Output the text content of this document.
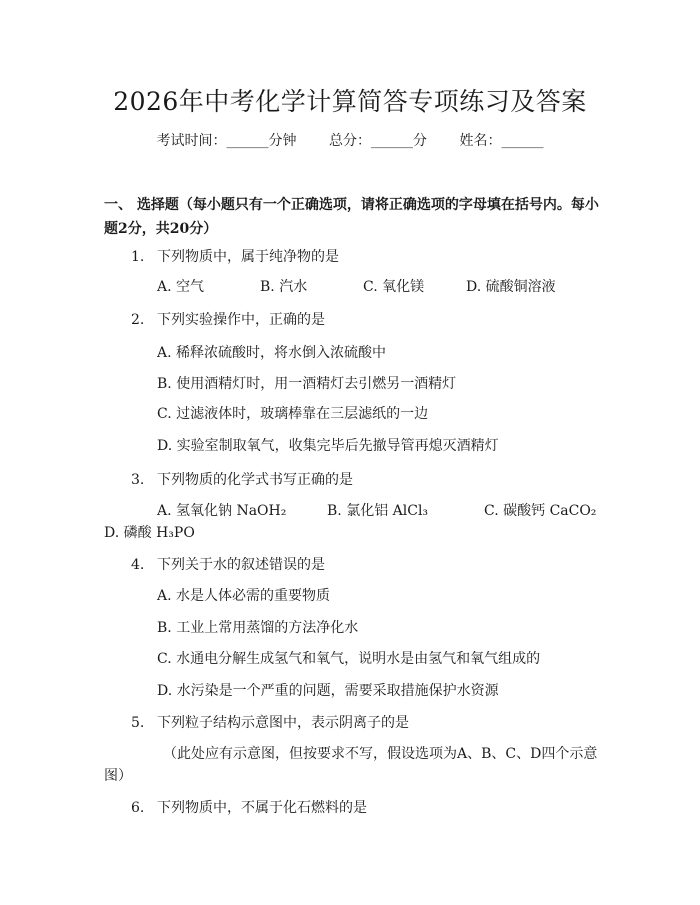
2026年中考化学计算简答专项练习及答案
考试时间：______分钟 总分：______分 姓名：______
一、 选择题（每小题只有一个正确选项，请将正确选项的字母填在括号内。每小题2分，共20分）
1. 下列物质中，属于纯净物的是
A. 空气	B. 汽水	C. 氧化镁	D. 硫酸铜溶液
2. 下列实验操作中，正确的是
A. 稀释浓硫酸时，将水倒入浓硫酸中
B. 使用酒精灯时，用一酒精灯去引燃另一酒精灯
C. 过滤液体时，玻璃棒靠在三层滤纸的一边
D. 实验室制取氧气，收集完毕后先撤导管再熄灭酒精灯
3. 下列物质的化学式书写正确的是
A. 氢氧化钠 NaOH₂	B. 氯化铝 AlCl₃	C. 碳酸钙 CaCO₂
D. 磷酸 H₃PO
4. 下列关于水的叙述错误的是
A. 水是人体必需的重要物质
B. 工业上常用蒸馏的方法净化水
C. 水通电分解生成氢气和氧气，说明水是由氢气和氧气组成的
D. 水污染是一个严重的问题，需要采取措施保护水资源
5. 下列粒子结构示意图中，表示阴离子的是
（此处应有示意图，但按要求不写，假设选项为A、B、C、D四个示意
图）
6. 下列物质中，不属于化石燃料的是
